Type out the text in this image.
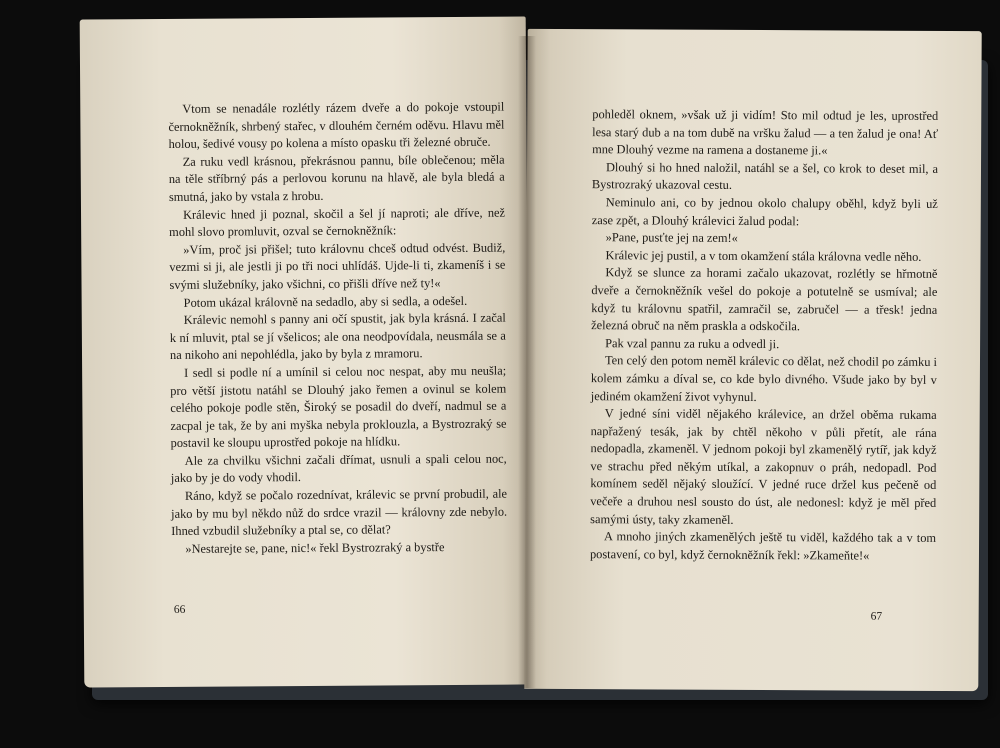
Vtom se nenadále rozlétly rázem dveře a do pokoje vstoupil černokněžník, shrbený stařec, v dlouhém černém oděvu. Hlavu měl holou, šedivé vousy po kolena a místo opasku tři železné obruče.

Za ruku vedl krásnou, překrásnou pannu, bíle oblečenou; měla na těle stříbrný pás a perlovou korunu na hlavě, ale byla bledá a smutná, jako by vstala z hrobu.

Králevic hned ji poznal, skočil a šel jí naproti; ale dříve, než mohl slovo promluvit, ozval se černokněžník:

»Vím, proč jsi přišel; tuto královnu chceš odtud odvést. Budiž, vezmi si ji, ale jestli ji po tři noci uhlídáš. Ujde-li ti, zkameníš i se svými služebníky, jako všichni, co přišli dříve než ty!«

Potom ukázal královně na sedadlo, aby si sedla, a odešel.

Králevic nemohl s panny ani očí spustit, jak byla krásná. I začal k ní mluvit, ptal se jí všelicos; ale ona neodpovídala, neusmála se a na nikoho ani nepohlédla, jako by byla z mramoru.

I sedl si podle ní a umínil si celou noc nespat, aby mu neušla; pro větší jistotu natáhl se Dlouhý jako řemen a ovinul se kolem celého pokoje podle stěn, Široký se posadil do dveří, nadmul se a zacpal je tak, že by ani myška nebyla proklouzla, a Bystrozraký se postavil ke sloupu uprostřed pokoje na hlídku.

Ale za chvilku všichni začali dřímat, usnuli a spali celou noc, jako by je do vody vhodil.

Ráno, když se počalo rozednívat, králevic se první probudil, ale jako by mu byl někdo nůž do srdce vrazil — královny zde nebylo. Ihned vzbudil služebníky a ptal se, co dělat?

»Nestarejte se, pane, nic!« řekl Bystrozraký a bystře

66

pohleděl oknem, »však už ji vidím! Sto mil odtud je les, uprostřed lesa starý dub a na tom dubě na vršku žalud — a ten žalud je ona! Ať mne Dlouhý vezme na ramena a dostaneme ji.«

Dlouhý si ho hned naložil, natáhl se a šel, co krok to deset mil, a Bystrozraký ukazoval cestu.

Neminulo ani, co by jednou okolo chalupy oběhl, když byli už zase zpět, a Dlouhý králevici žalud podal:

»Pane, pusťte jej na zem!«

Králevic jej pustil, a v tom okamžení stála královna vedle něho.

Když se slunce za horami začalo ukazovat, rozlétly se hřmotně dveře a černokněžník vešel do pokoje a potutelně se usmíval; ale když tu královnu spatřil, zamračil se, zabručel — a třesk! jedna železná obruč na něm praskla a odskočila.

Pak vzal pannu za ruku a odvedl ji.

Ten celý den potom neměl králevic co dělat, než chodil po zámku i kolem zámku a díval se, co kde bylo divného. Všude jako by byl v jediném okamžení život vyhynul.

V jedné síni viděl nějakého králevice, an držel oběma rukama napřažený tesák, jak by chtěl někoho v půli přetít, ale rána nedopadla, zkameněl. V jednom pokoji byl zkamenělý rytíř, jak když ve strachu před někým utíkal, a zakopnuv o práh, nedopadl. Pod komínem seděl nějaký sloužící. V jedné ruce držel kus pečeně od večeře a druhou nesl sousto do úst, ale nedonesl: když je měl před samými ústy, taky zkameněl.

A mnoho jiných zkamenělých ještě tu viděl, každého tak a v tom postavení, co byl, když černokněžník řekl: »Zkameňte!«

67
